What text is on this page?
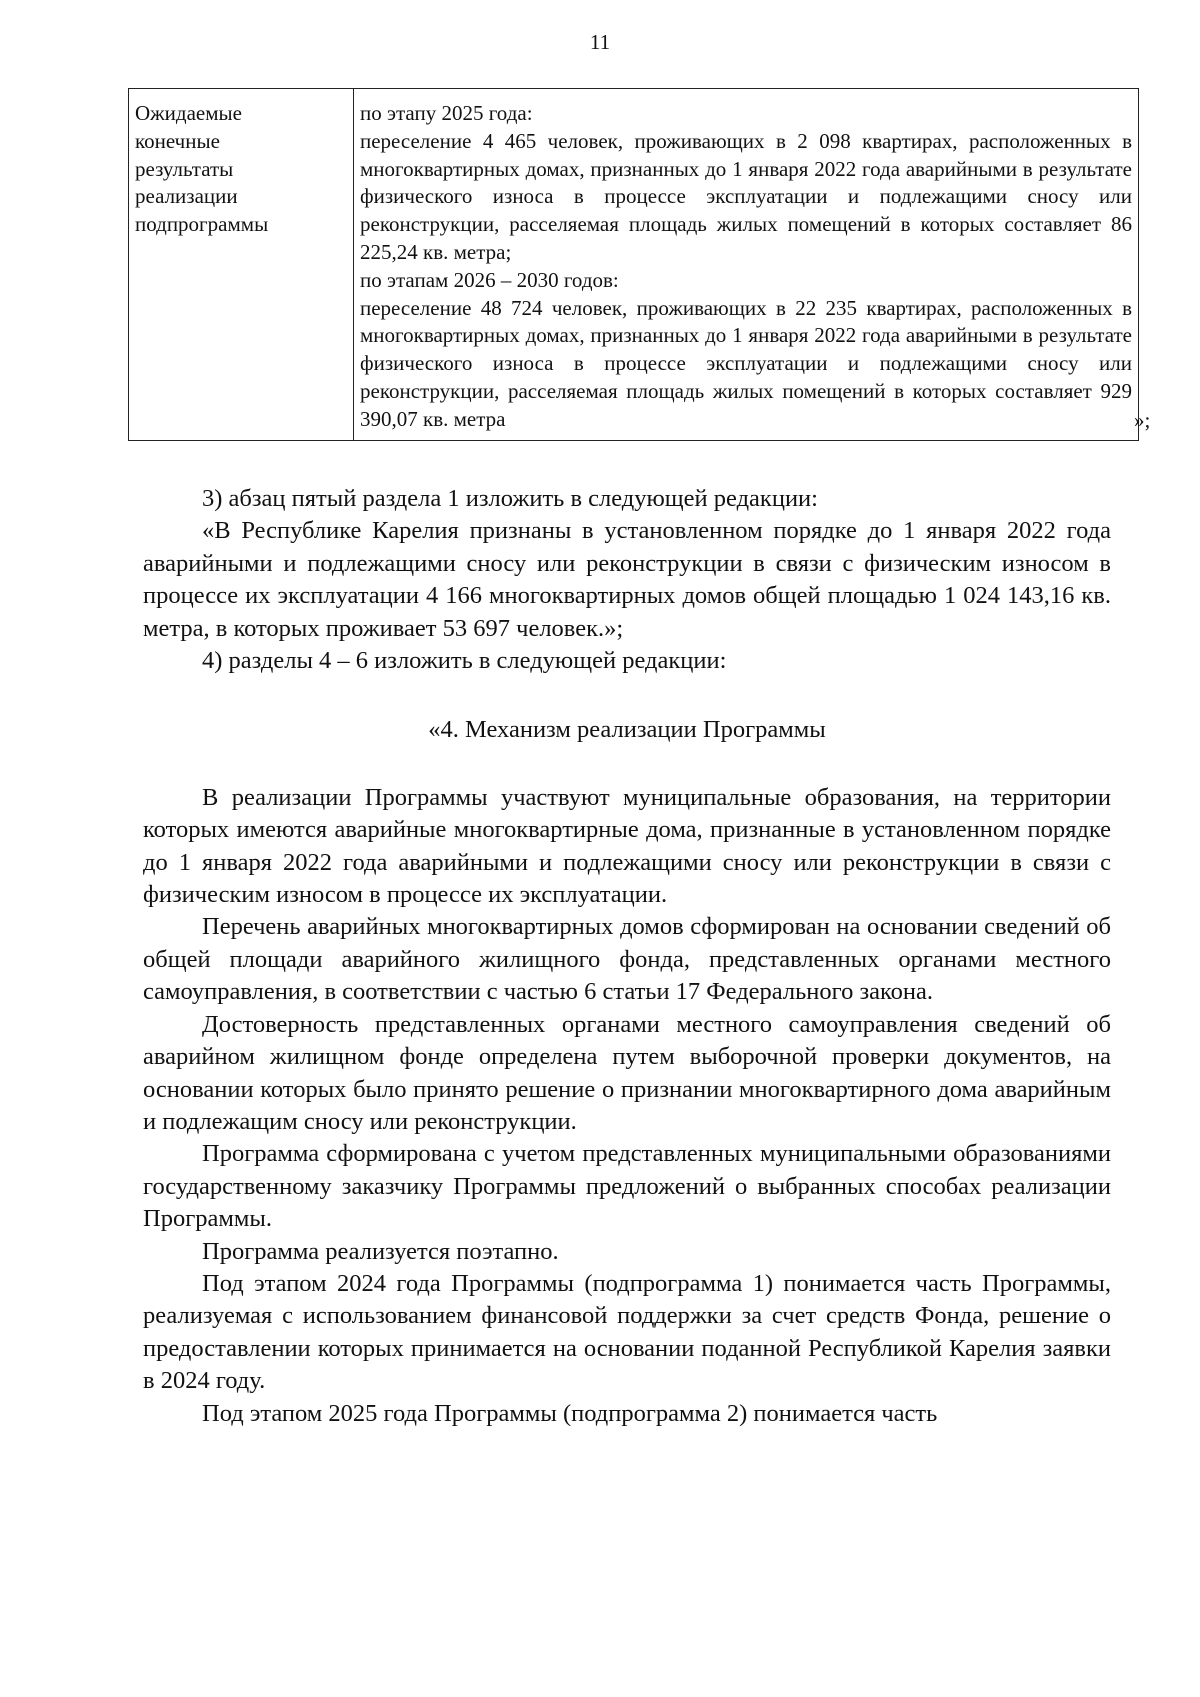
11
Ожидаемые
конечные
результаты
реализации
подпрограммы

по этапу 2025 года:
переселение 4 465 человек, проживающих в 2 098 квартирах, расположенных в многоквартирных домах, признанных до 1 января 2022 года аварийными в результате физического износа в процессе эксплуатации и подлежащими сносу или реконструкции, расселяемая площадь жилых помещений в которых составляет 86 225,24 кв. метра;
по этапам 2026 – 2030 годов:
переселение 48 724 человек, проживающих в 22 235 квартирах, расположенных в многоквартирных домах, признанных до 1 января 2022 года аварийными в результате физического износа в процессе эксплуатации и подлежащими сносу или реконструкции, расселяемая площадь жилых помещений в которых составляет 929 390,07 кв. метра	»;

3) абзац пятый раздела 1 изложить в следующей редакции:

«В Республике Карелия признаны в установленном порядке до 1 января 2022 года аварийными и подлежащими сносу или реконструкции в связи с физическим износом в процессе их эксплуатации 4 166 многоквартирных домов общей площадью 1 024 143,16 кв. метра, в которых проживает 53 697 человек.»;

4) разделы 4 – 6 изложить в следующей редакции:

«4. Механизм реализации Программы

В реализации Программы участвуют муниципальные образования, на территории которых имеются аварийные многоквартирные дома, признанные в установленном порядке до 1 января 2022 года аварийными и подлежащими сносу или реконструкции в связи с физическим износом в процессе их эксплуатации.

Перечень аварийных многоквартирных домов сформирован на основании сведений об общей площади аварийного жилищного фонда, представленных органами местного самоуправления, в соответствии с частью 6 статьи 17 Федерального закона.

Достоверность представленных органами местного самоуправления сведений об аварийном жилищном фонде определена путем выборочной проверки документов, на основании которых было принято решение о признании многоквартирного дома аварийным и подлежащим сносу или реконструкции.

Программа сформирована с учетом представленных муниципальными образованиями государственному заказчику Программы предложений о выбранных способах реализации Программы.

Программа реализуется поэтапно.

Под этапом 2024 года Программы (подпрограмма 1) понимается часть Программы, реализуемая с использованием финансовой поддержки за счет средств Фонда, решение о предоставлении которых принимается на основании поданной Республикой Карелия заявки в 2024 году.

Под этапом 2025 года Программы (подпрограмма 2) понимается часть
